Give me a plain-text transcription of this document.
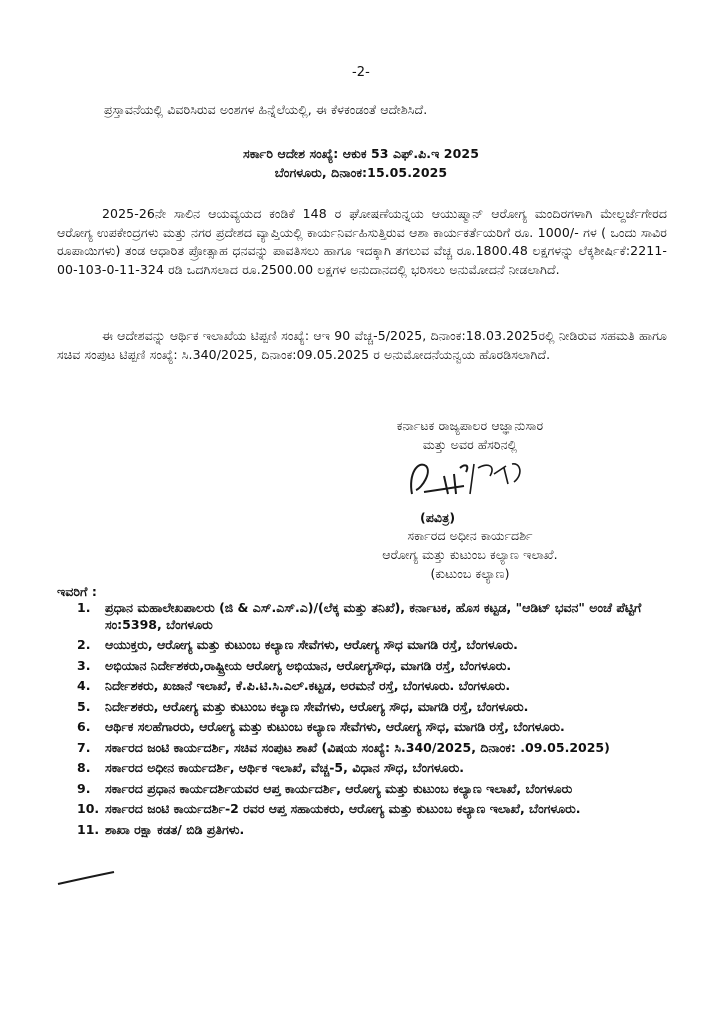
-2-
ಪ್ರಸ್ತಾವನೆಯಲ್ಲಿ ವಿವರಿಸಿರುವ ಅಂಶಗಳ ಹಿನ್ನೆಲೆಯಲ್ಲಿ, ಈ ಕೆಳಕಂಡಂತೆ ಆದೇಶಿಸಿದೆ.
ಸರ್ಕಾರಿ ಆದೇಶ ಸಂಖ್ಯೆ: ಆಕುಕ 53 ಎಫ್.ಪಿ.ಇ 2025
ಬೆಂಗಳೂರು, ದಿನಾಂಕ:15.05.2025
2025-26ನೇ ಸಾಲಿನ ಆಯವ್ಯಯದ ಕಂಡಿಕೆ 148 ರ ಘೋಷಣೆಯನ್ನಯ ಆಯುಷ್ಮಾನ್ ಆರೋಗ್ಯ ಮಂದಿರಗಳಾಗಿ ಮೇಲ್ದರ್ಜೆಗೇರದ ಆರೋಗ್ಯ ಉಪಕೇಂದ್ರಗಳು ಮತ್ತು ನಗರ ಪ್ರದೇಶದ ವ್ಯಾಪ್ತಿಯಲ್ಲಿ ಕಾರ್ಯನಿರ್ವಹಿಸುತ್ತಿರುವ ಆಶಾ ಕಾರ್ಯಕರ್ತೆಯರಿಗೆ ರೂ. 1000/- ಗಳ ( ಒಂದು ಸಾವಿರ ರೂಪಾಯಿಗಳು) ತಂಡ ಆಧಾರಿತ ಪ್ರೋತ್ಸಾಹ ಧನವನ್ನು ಪಾವತಿಸಲು ಹಾಗೂ ಇದಕ್ಕಾಗಿ ತಗಲುವ ವೆಚ್ಚ ರೂ.1800.48 ಲಕ್ಷಗಳನ್ನು ಲೆಕ್ಕಶೀರ್ಷಿಕೆ:2211-00-103-0-11-324 ರಡಿ ಒದಗಿಸಲಾದ ರೂ.2500.00 ಲಕ್ಷಗಳ ಅನುದಾನದಲ್ಲಿ ಭರಿಸಲು ಅನುಮೋದನೆ ನೀಡಲಾಗಿದೆ.
ಈ ಆದೇಶವನ್ನು ಆರ್ಥಿಕ ಇಲಾಖೆಯ ಟಿಪ್ಪಣಿ ಸಂಖ್ಯೆ: ಆಇ 90 ವೆಚ್ಚ-5/2025, ದಿನಾಂಕ:18.03.2025ರಲ್ಲಿ ನೀಡಿರುವ ಸಹಮತಿ ಹಾಗೂ ಸಚಿವ ಸಂಪುಟ ಟಿಪ್ಪಣಿ ಸಂಖ್ಯೆ: ಸಿ.340/2025, ದಿನಾಂಕ:09.05.2025 ರ ಅನುಮೋದನೆಯನ್ವಯ ಹೊರಡಿಸಲಾಗಿದೆ.
ಕರ್ನಾಟಕ ರಾಜ್ಯಪಾಲರ ಆಜ್ಞಾನುಸಾರ
ಮತ್ತು ಅವರ ಹೆಸರಿನಲ್ಲಿ
(ಪವಿತ್ರ)
ಸರ್ಕಾರದ ಅಧೀನ ಕಾರ್ಯದರ್ಶಿ
ಆರೋಗ್ಯ ಮತ್ತು ಕುಟುಂಬ ಕಲ್ಯಾಣ ಇಲಾಖೆ.
(ಕುಟುಂಬ ಕಲ್ಯಾಣ)
ಇವರಿಗೆ :
1. ಪ್ರಧಾನ ಮಹಾಲೇಖಪಾಲರು (ಜಿ & ಎಸ್.ಎಸ್.ಎ)/(ಲೆಕ್ಕ ಮತ್ತು ತನಿಖೆ), ಕರ್ನಾಟಕ, ಹೊಸ ಕಟ್ಟಡ, "ಆಡಿಟ್ ಭವನ" ಅಂಚೆ ಪೆಟ್ಟಿಗೆ ಸಂ:5398, ಬೆಂಗಳೂರು
2. ಆಯುಕ್ತರು, ಆರೋಗ್ಯ ಮತ್ತು ಕುಟುಂಬ ಕಲ್ಯಾಣ ಸೇವೆಗಳು, ಆರೋಗ್ಯ ಸೌಧ ಮಾಗಡಿ ರಸ್ತೆ, ಬೆಂಗಳೂರು.
3. ಅಭಿಯಾನ ನಿರ್ದೇಶಕರು,ರಾಷ್ಟ್ರೀಯ ಆರೋಗ್ಯ ಅಭಿಯಾನ, ಆರೋಗ್ಯಸೌಧ, ಮಾಗಡಿ ರಸ್ತೆ, ಬೆಂಗಳೂರು.
4. ನಿರ್ದೇಶಕರು, ಖಜಾನೆ ಇಲಾಖೆ, ಕೆ.ಪಿ.ಟಿ.ಸಿ.ಎಲ್.ಕಟ್ಟಡ, ಅರಮನೆ ರಸ್ತೆ, ಬೆಂಗಳೂರು. ಬೆಂಗಳೂರು.
5. ನಿರ್ದೇಶಕರು, ಆರೋಗ್ಯ ಮತ್ತು ಕುಟುಂಬ ಕಲ್ಯಾಣ ಸೇವೆಗಳು, ಆರೋಗ್ಯ ಸೌಧ, ಮಾಗಡಿ ರಸ್ತೆ, ಬೆಂಗಳೂರು.
6. ಆರ್ಥಿಕ ಸಲಹೆಗಾರರು, ಆರೋಗ್ಯ ಮತ್ತು ಕುಟುಂಬ ಕಲ್ಯಾಣ ಸೇವೆಗಳು, ಆರೋಗ್ಯ ಸೌಧ, ಮಾಗಡಿ ರಸ್ತೆ, ಬೆಂಗಳೂರು.
7. ಸರ್ಕಾರದ ಜಂಟಿ ಕಾರ್ಯದರ್ಶಿ, ಸಚಿವ ಸಂಪುಟ ಶಾಖೆ (ವಿಷಯ ಸಂಖ್ಯೆ: ಸಿ.340/2025, ದಿನಾಂಕ: .09.05.2025)
8. ಸರ್ಕಾರದ ಅಧೀನ ಕಾರ್ಯದರ್ಶಿ, ಆರ್ಥಿಕ ಇಲಾಖೆ, ವೆಚ್ಚ-5, ವಿಧಾನ ಸೌಧ, ಬೆಂಗಳೂರು.
9. ಸರ್ಕಾರದ ಪ್ರಧಾನ ಕಾರ್ಯದರ್ಶಿಯವರ ಆಪ್ತ ಕಾರ್ಯದರ್ಶಿ, ಆರೋಗ್ಯ ಮತ್ತು ಕುಟುಂಬ ಕಲ್ಯಾಣ ಇಲಾಖೆ, ಬೆಂಗಳೂರು
10. ಸರ್ಕಾರದ ಜಂಟಿ ಕಾರ್ಯದರ್ಶಿ-2 ರವರ ಆಪ್ತ ಸಹಾಯಕರು, ಆರೋಗ್ಯ ಮತ್ತು ಕುಟುಂಬ ಕಲ್ಯಾಣ ಇಲಾಖೆ, ಬೆಂಗಳೂರು.
11. ಶಾಖಾ ರಕ್ಷಾ ಕಡತ/ ಬಿಡಿ ಪ್ರತಿಗಳು.
